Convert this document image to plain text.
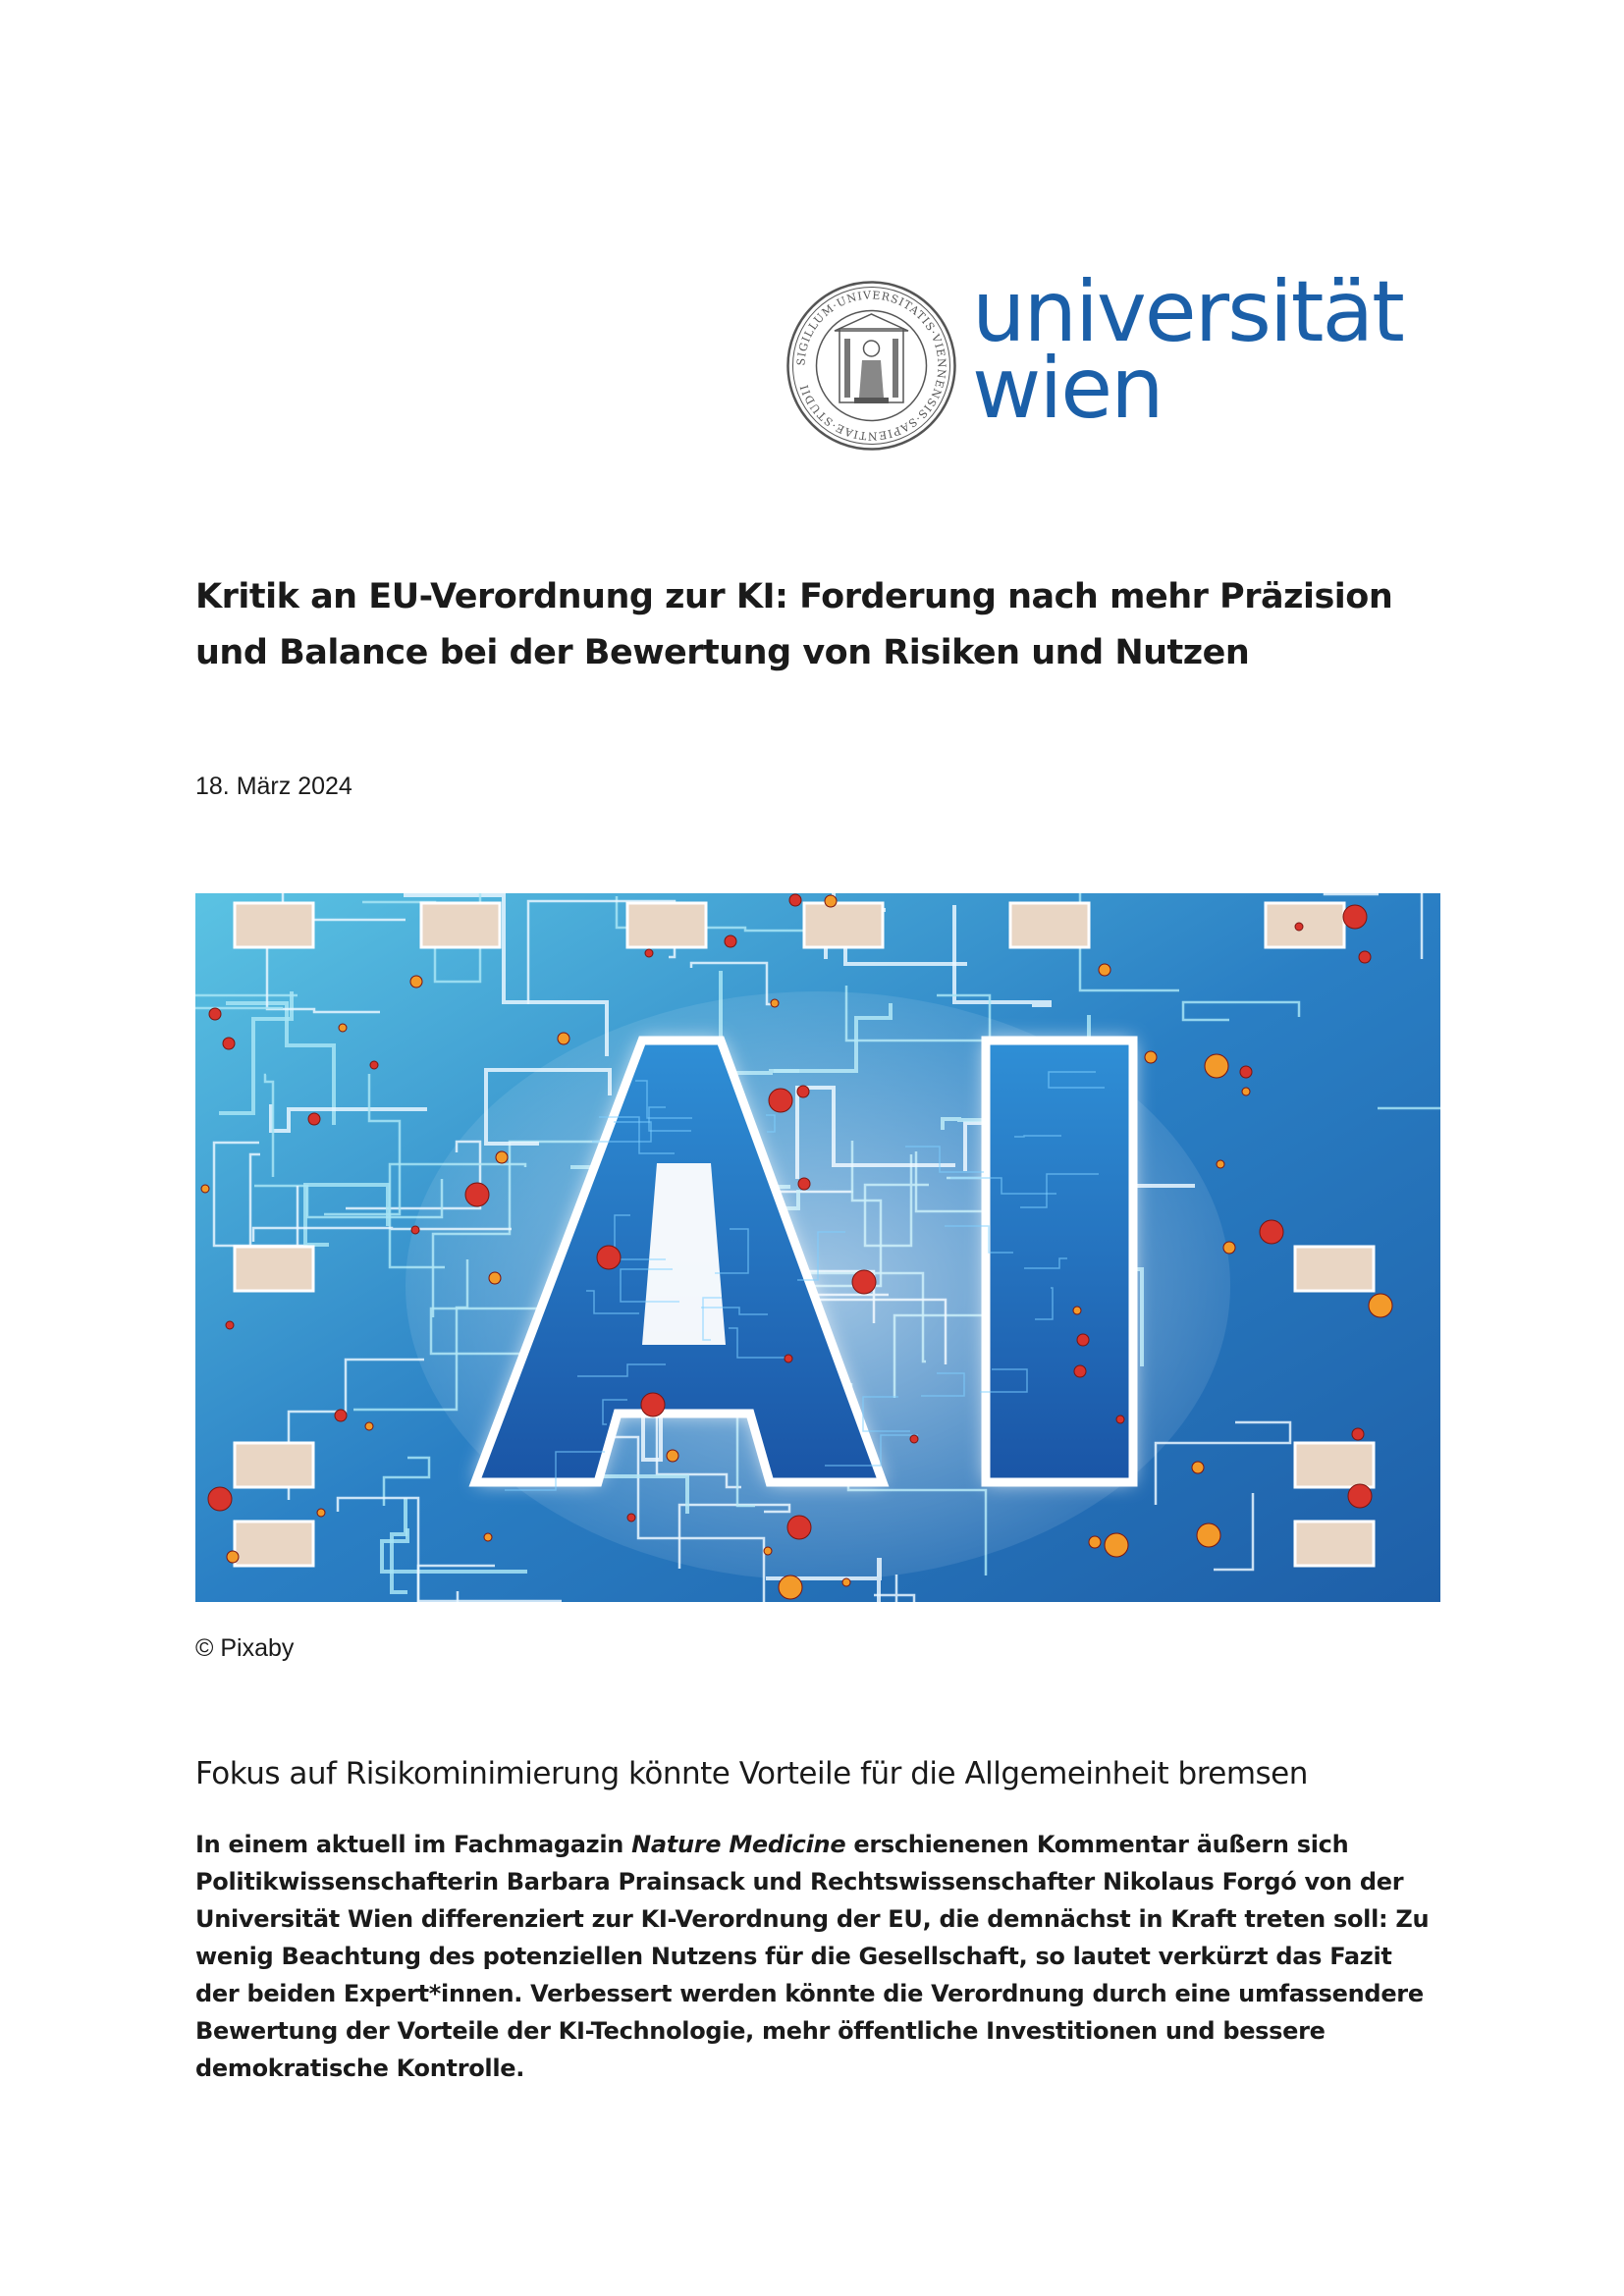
SIGILLUM·UNIVERSITATIS·VIENNENSIS·SAPIENTIAE·STUDII
universität
wien
Kritik an EU-Verordnung zur KI: Forderung nach mehr Präzision und Balance bei der Bewertung von Risiken und Nutzen
18. März 2024
© Pixaby
Fokus auf Risikominimierung könnte Vorteile für die Allgemeinheit bremsen

In einem aktuell im Fachmagazin Nature Medicine erschienenen Kommentar äußern sich Politikwissenschafterin Barbara Prainsack und Rechtswissenschafter Nikolaus Forgó von der Universität Wien differenziert zur KI-Verordnung der EU, die demnächst in Kraft treten soll: Zu wenig Beachtung des potenziellen Nutzens für die Gesellschaft, so lautet verkürzt das Fazit der beiden Expert*innen. Verbessert werden könnte die Verordnung durch eine umfassendere Bewertung der Vorteile der KI-Technologie, mehr öffentliche Investitionen und bessere demokratische Kontrolle.
